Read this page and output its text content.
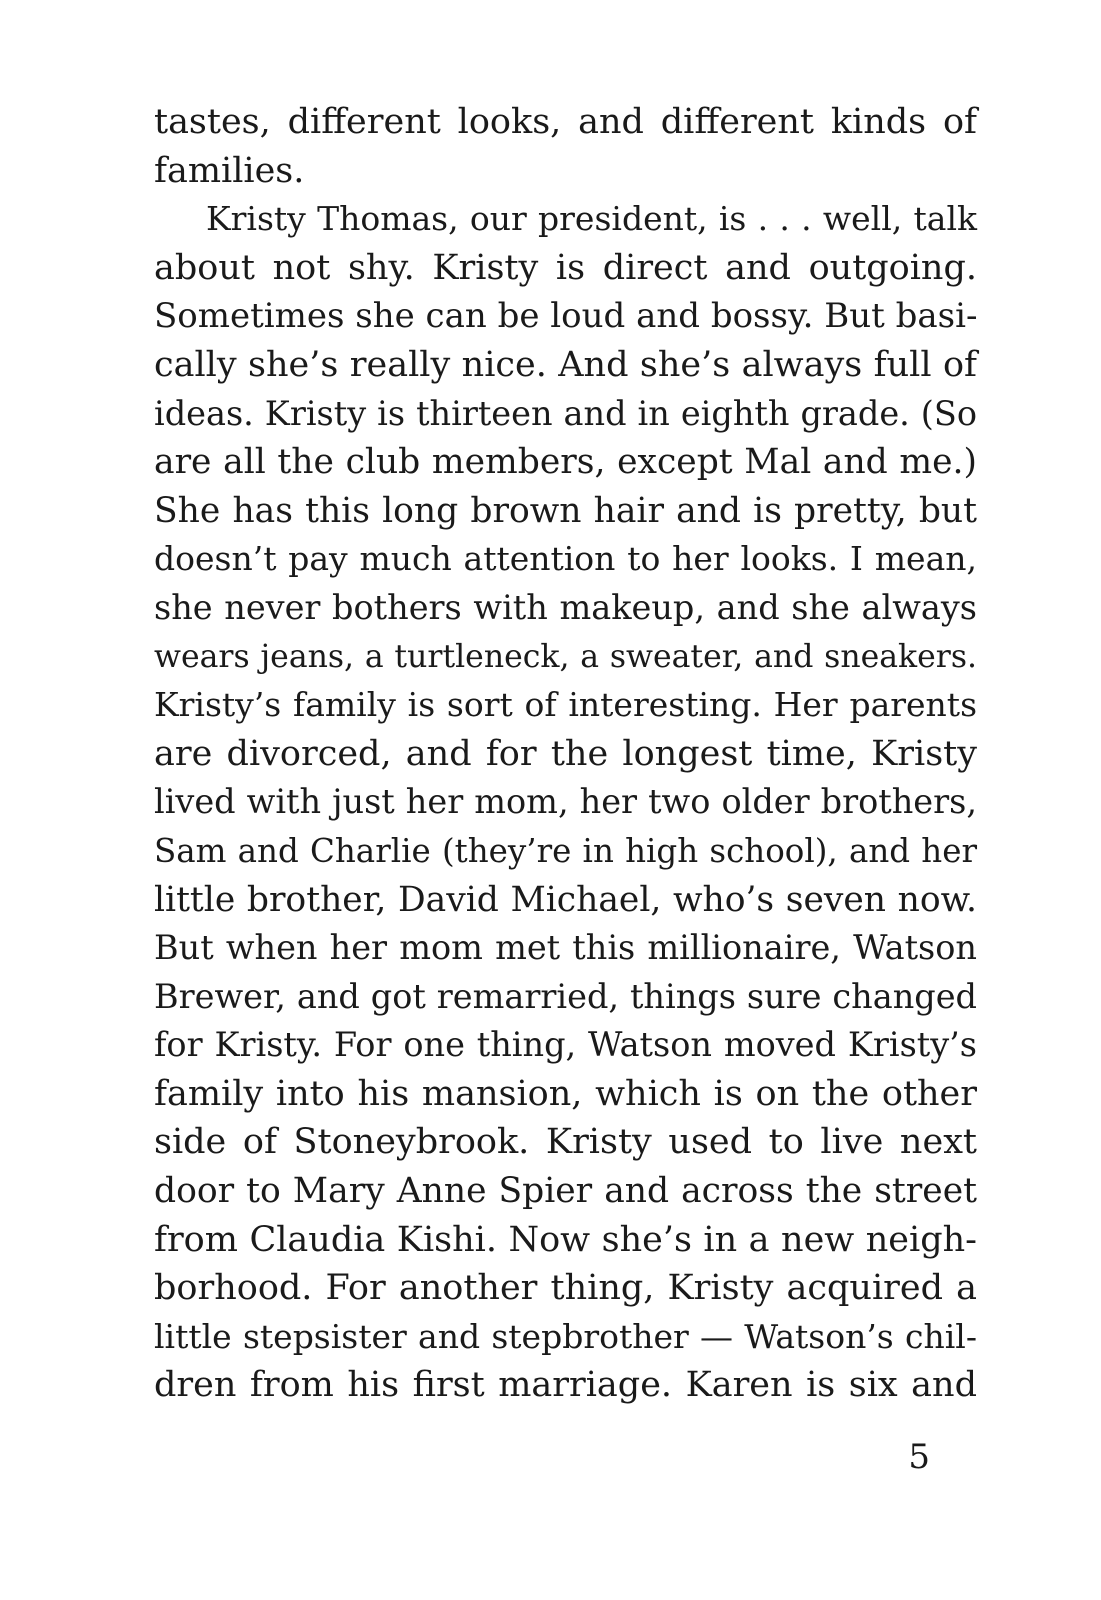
tastes, different looks, and different kinds of
families.
Kristy Thomas, our president, is . . . well, talk
about not shy. Kristy is direct and outgoing.
Sometimes she can be loud and bossy. But basi-
cally she’s really nice. And she’s always full of
ideas. Kristy is thirteen and in eighth grade. (So
are all the club members, except Mal and me.)
She has this long brown hair and is pretty, but
doesn’t pay much attention to her looks. I mean,
she never bothers with makeup, and she always
wears jeans, a turtleneck, a sweater, and sneakers.
Kristy’s family is sort of interesting. Her parents
are divorced, and for the longest time, Kristy
lived with just her mom, her two older brothers,
Sam and Charlie (they’re in high school), and her
little brother, David Michael, who’s seven now.
But when her mom met this millionaire, Watson
Brewer, and got remarried, things sure changed
for Kristy. For one thing, Watson moved Kristy’s
family into his mansion, which is on the other
side of Stoneybrook. Kristy used to live next
door to Mary Anne Spier and across the street
from Claudia Kishi. Now she’s in a new neigh-
borhood. For another thing, Kristy acquired a
little stepsister and stepbrother — Watson’s chil-
dren from his first marriage. Karen is six and
5
